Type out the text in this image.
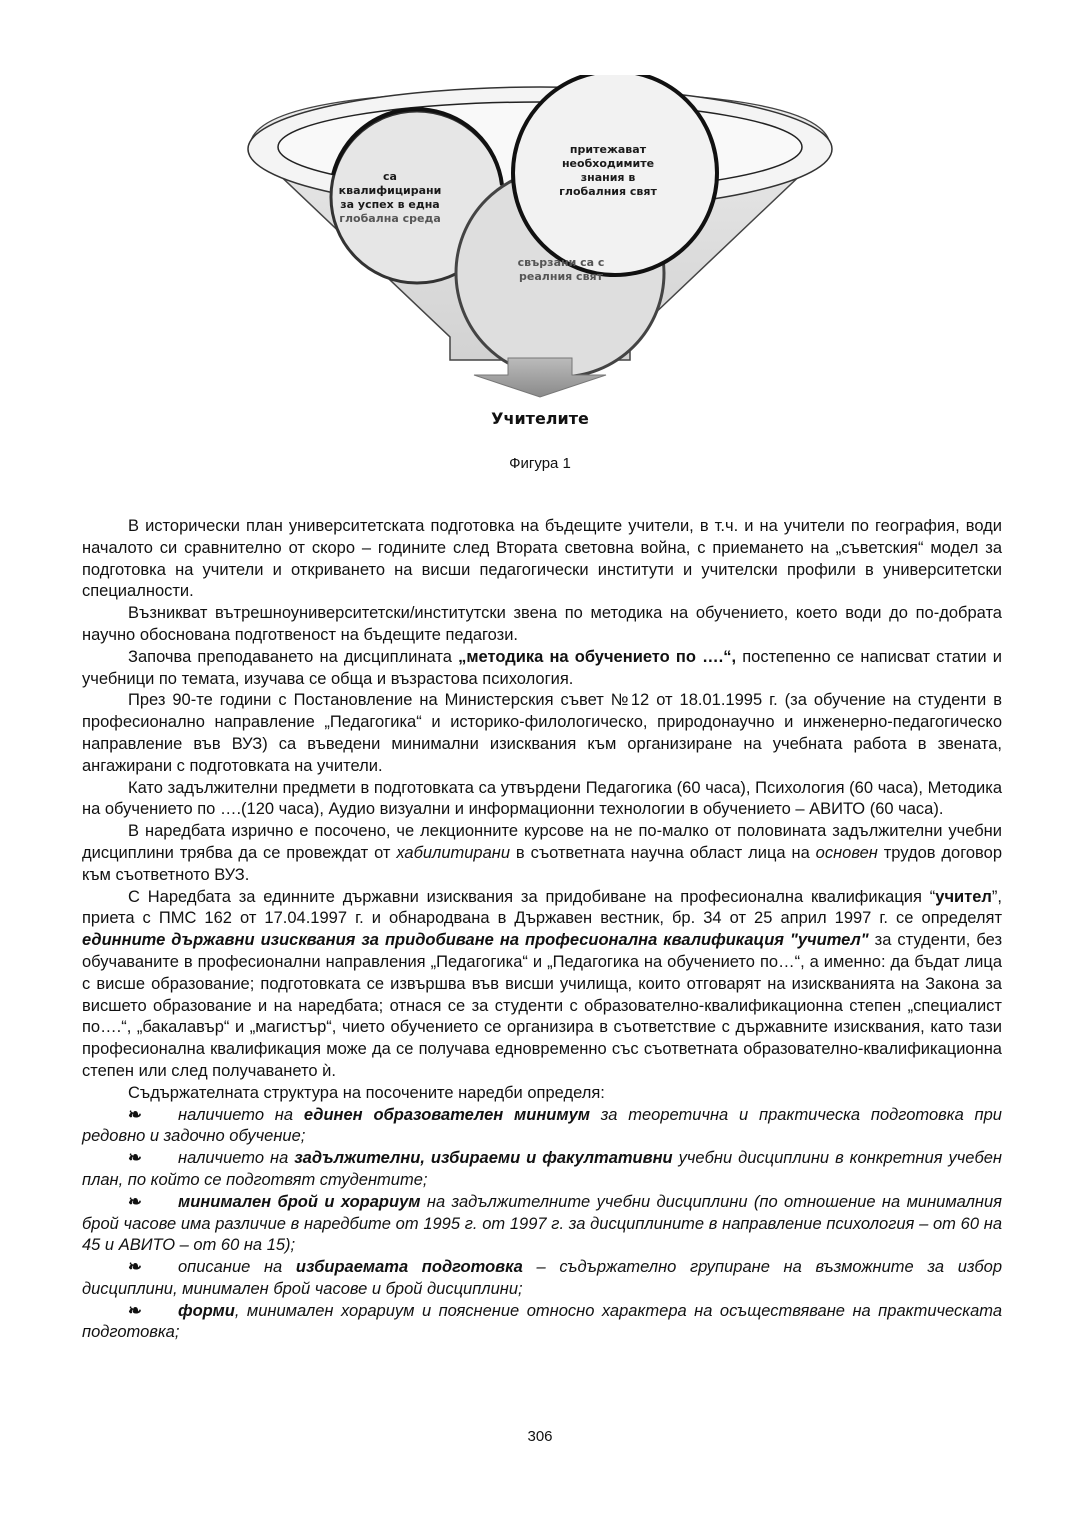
са
квалифицирани
за успех в една
глобална среда
притежават
необходимите
знания в
глобалния свят
свързани са с
реалния свят
Учителите
Фигура 1

В исторически план университетската подготовка на бъдещите учители, в т.ч. и на учители по география, води началото си сравнително от скоро – годините след Втората световна война, с приемането на „съветския“ модел за подготовка на учители и откриването на висши педагогически институти и учителски профили в университетски специалности.

Възникват вътрешноуниверситетски/институтски звена по методика на обучението, което води до по-добрата научно обоснована подготвеност на бъдещите педагози.

Започва преподаването на дисциплината „методика на обучението по ….“, постепенно се написват статии и учебници по темата, изучава се обща и възрастова психология.

През 90-те години с Постановление на Министерския съвет №12 от 18.01.1995 г. (за обучение на студенти в професионално направление „Педагогика“ и историко-филологическо, природонаучно и инженерно-педагогическо направление във ВУЗ) са въведени минимални изисквания към организиране на учебната работа в звената, ангажирани с подготовката на учители.

Като задължителни предмети в подготовката са утвърдени Педагогика (60 часа), Психология (60 часа), Методика на обучението по ….(120 часа), Аудио визуални и информационни технологии в обучението – АВИТО (60 часа).

В наредбата изрично е посочено, че лекционните курсове на не по-малко от половината задължителни учебни дисциплини трябва да се провеждат от хабилитирани в съответната научна област лица на основен трудов договор към съответното ВУЗ.

С Наредбата за единните държавни изисквания за придобиване на професионална квалификация “учител”, приета с ПМС 162 от 17.04.1997 г. и обнародвана в Държавен вестник, бр. 34 от 25 април 1997 г. се определят единните държавни изисквания за придобиване на професионална квалификация "учител" за студенти, без обучаваните в професионални направления „Педагогика“ и „Педагогика на обучението по…“, а именно: да бъдат лица с висше образование; подготовката се извършва във висши училища, които отговарят на изискванията на Закона за висшето образование и на наредбата; отнася се за студенти с образователно-квалификационна степен „специалист по….“, „бакалавър“ и „магистър“, чието обучението се организира в съответствие с държавните изисквания, като тази професионална квалификация може да се получава едновременно със съответната образователно-квалификационна степен или след получаването ѝ.

Съдържателната структура на посочените наредби определя:

❧ наличието на единен образователен минимум за теоретична и практическа подготовка при редовно и задочно обучение;

❧ наличието на задължителни, избираеми и факултативни учебни дисциплини в конкретния учебен план, по който се подготвят студентите;

❧ минимален брой и хорариум на задължителните учебни дисциплини (по отношение на минималния брой часове има различие в наредбите от 1995 г. от 1997 г. за дисциплините в направление психология – от 60 на 45 и АВИТО – от 60 на 15);

❧ описание на избираемата подготовка – съдържателно групиране на възможните за избор дисциплини, минимален брой часове и брой дисциплини;

❧ форми, минимален хорариум и пояснение относно характера на осъществяване на практическата подготовка;

306
